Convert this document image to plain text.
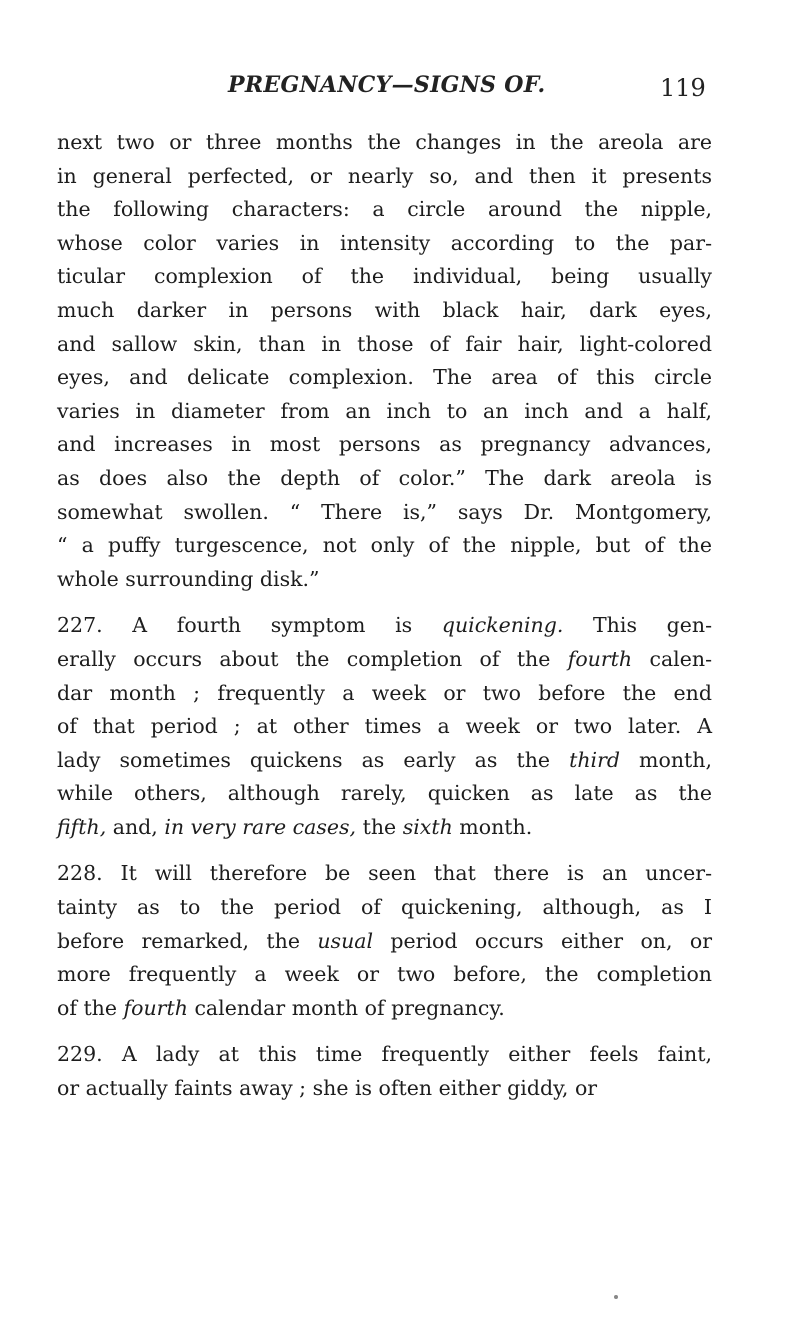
PREGNANCY—SIGNS OF.	119
next two or three months the changes in the areola are
in general perfected, or nearly so, and then it presents
the following characters: a circle around the nipple,
whose color varies in intensity according to the par-
ticular complexion of the individual, being usually
much darker in persons with black hair, dark eyes,
and sallow skin, than in those of fair hair, light-colored
eyes, and delicate complexion. The area of this circle
varies in diameter from an inch to an inch and a half,
and increases in most persons as pregnancy advances,
as does also the depth of color.” The dark areola is
somewhat swollen. “ There is,” says Dr. Montgomery,
“ a puffy turgescence, not only of the nipple, but of the
whole surrounding disk.”
227. A fourth symptom is quickening. This gen-
erally occurs about the completion of the fourth calen-
dar month ; frequently a week or two before the end
of that period ; at other times a week or two later. A
lady sometimes quickens as early as the third month,
while others, although rarely, quicken as late as the
fifth, and, in very rare cases, the sixth month.
228. It will therefore be seen that there is an uncer-
tainty as to the period of quickening, although, as I
before remarked, the usual period occurs either on, or
more frequently a week or two before, the completion
of the fourth calendar month of pregnancy.
229. A lady at this time frequently either feels faint,
or actually faints away ; she is often either giddy, or
